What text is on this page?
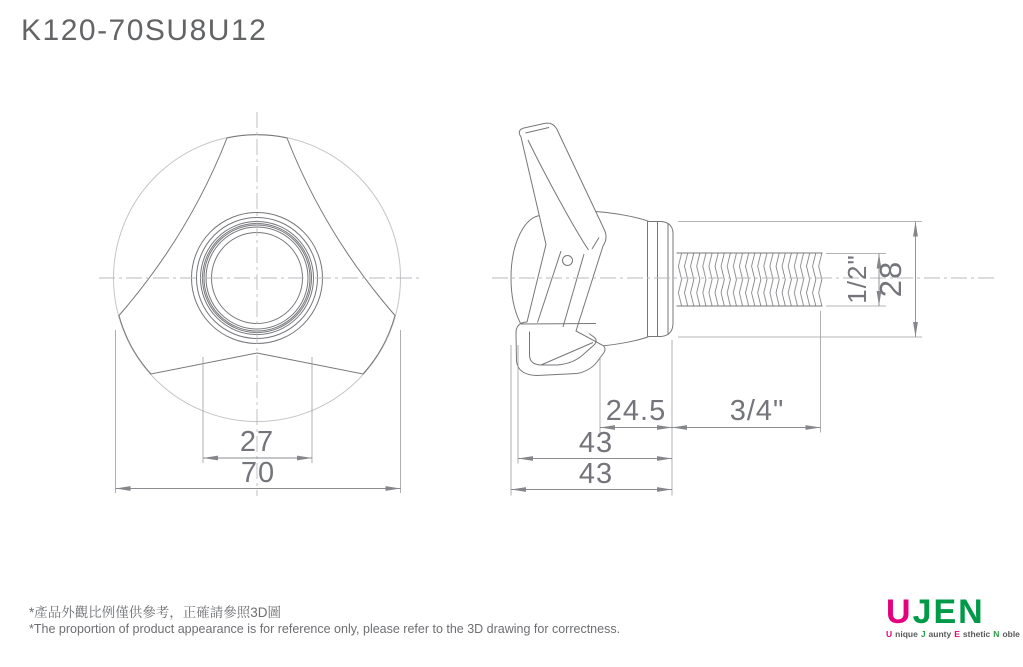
K120-70SU8U12
27
70
24.5 3/4"
43
43
1/2" 28
*產品外觀比例僅供參考，正確請參照3D圖
*The proportion of product appearance is for reference only, please refer to the 3D drawing for correctness.	UJEN
U nique J aunty E sthetic N oble
